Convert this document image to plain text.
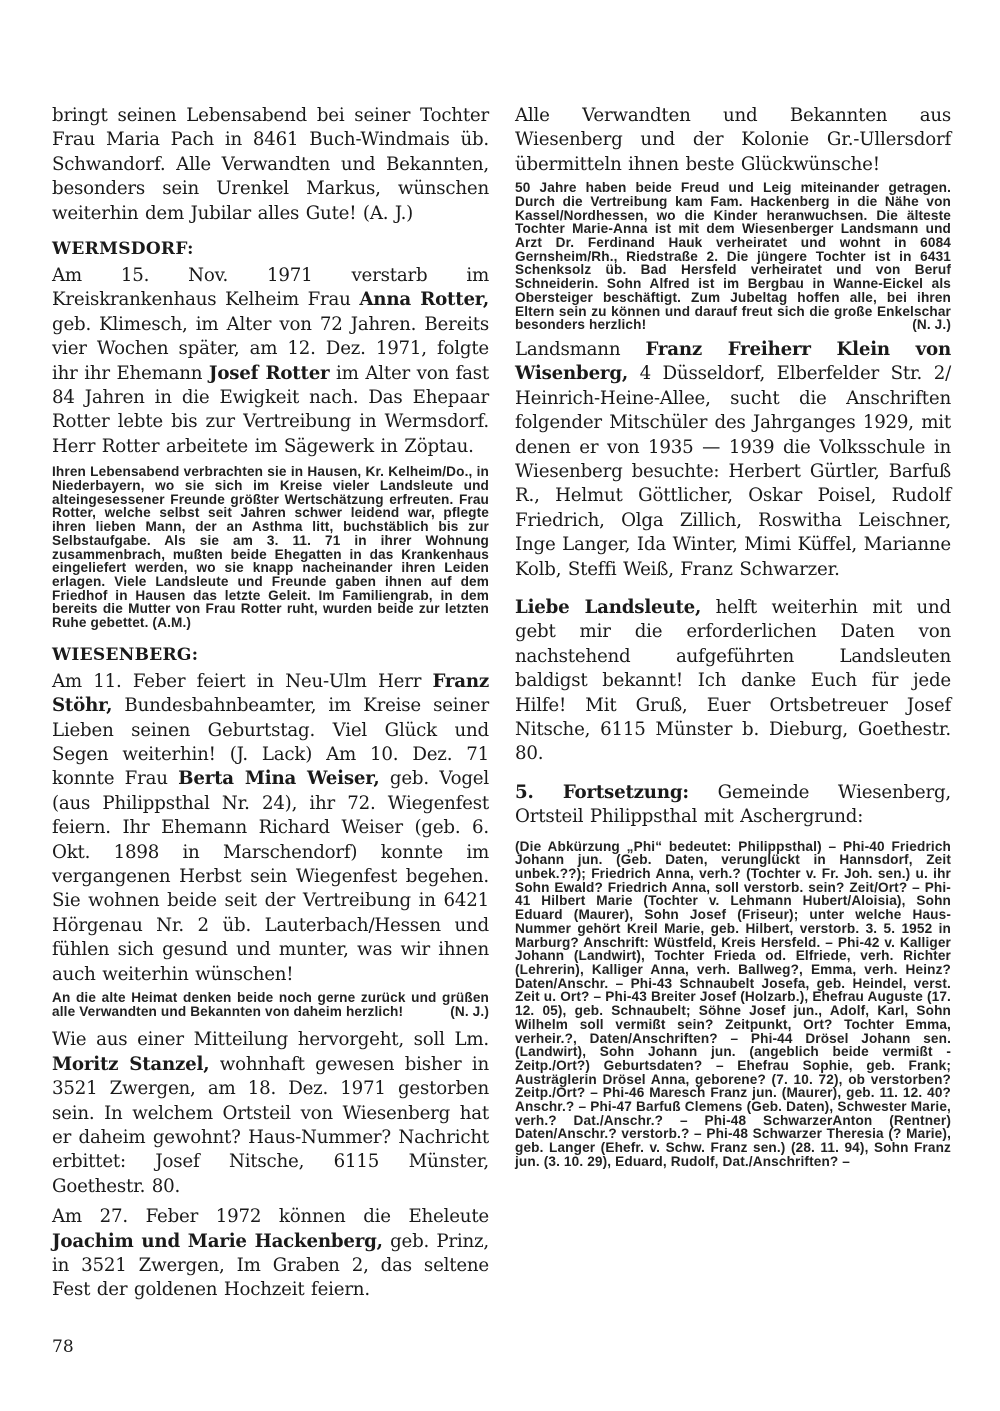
bringt seinen Lebensabend bei seiner Tochter Frau Maria Pach in 8461 Buch-Windmais üb. Schwandorf. Alle Verwandten und Bekannten, besonders sein Urenkel Markus, wünschen weiterhin dem Jubilar alles Gute! (A. J.)

WERMSDORF:

Am 15. Nov. 1971 verstarb im Kreiskrankenhaus Kelheim Frau Anna Rotter, geb. Klimesch, im Alter von 72 Jahren. Bereits vier Wochen später, am 12. Dez. 1971, folgte ihr ihr Ehemann Josef Rotter im Alter von fast 84 Jahren in die Ewigkeit nach. Das Ehepaar Rotter lebte bis zur Vertreibung in Wermsdorf. Herr Rotter arbeitete im Sägewerk in Zöptau.

Ihren Lebensabend verbrachten sie in Hausen, Kr. Kelheim/Do., in Niederbayern, wo sie sich im Kreise vieler Landsleute und alteingesessener Freunde größter Wertschätzung erfreuten. Frau Rotter, welche selbst seit Jahren schwer leidend war, pflegte ihren lieben Mann, der an Asthma litt, buchstäblich bis zur Selbstaufgabe. Als sie am 3. 11. 71 in ihrer Wohnung zusammenbrach, mußten beide Ehegatten in das Krankenhaus eingeliefert werden, wo sie knapp nacheinander ihren Leiden erlagen. Viele Landsleute und Freunde gaben ihnen auf dem Friedhof in Hausen das letzte Geleit. Im Familiengrab, in dem bereits die Mutter von Frau Rotter ruht, wurden beide zur letzten Ruhe gebettet. (A.M.)

WIESENBERG:

Am 11. Feber feiert in Neu-Ulm Herr Franz Stöhr, Bundesbahnbeamter, im Kreise seiner Lieben seinen Geburtstag. Viel Glück und Segen weiterhin! (J. Lack) Am 10. Dez. 71 konnte Frau Berta Mina Weiser, geb. Vogel (aus Philippsthal Nr. 24), ihr 72. Wiegenfest feiern. Ihr Ehemann Richard Weiser (geb. 6. Okt. 1898 in Marschendorf) konnte im vergangenen Herbst sein Wiegenfest begehen. Sie wohnen beide seit der Vertreibung in 6421 Hörgenau Nr. 2 üb. Lauterbach/Hessen und fühlen sich gesund und munter, was wir ihnen auch weiterhin wünschen!

An die alte Heimat denken beide noch gerne zurück und grüßen alle Verwandten und Bekannten von daheim herzlich!	(N. J.)

Wie aus einer Mitteilung hervorgeht, soll Lm. Moritz Stanzel, wohnhaft gewesen bisher in 3521 Zwergen, am 18. Dez. 1971 gestorben sein. In welchem Ortsteil von Wiesenberg hat er daheim gewohnt? Haus-Nummer? Nachricht erbittet: Josef Nitsche, 6115 Münster, Goethestr. 80.

Am 27. Feber 1972 können die Eheleute Joachim und Marie Hackenberg, geb. Prinz, in 3521 Zwergen, Im Graben 2, das seltene Fest der goldenen Hochzeit feiern.

Alle Verwandten und Bekannten aus Wiesenberg und der Kolonie Gr.-Ullersdorf übermitteln ihnen beste Glückwünsche!

50 Jahre haben beide Freud und Leig miteinander getragen. Durch die Vertreibung kam Fam. Hackenberg in die Nähe von Kassel/Nordhessen, wo die Kinder heranwuchsen. Die älteste Tochter Marie-Anna ist mit dem Wiesenberger Landsmann und Arzt Dr. Ferdinand Hauk verheiratet und wohnt in 6084 Gernsheim/Rh., Riedstraße 2. Die jüngere Tochter ist in 6431 Schenksolz üb. Bad Hersfeld verheiratet und von Beruf Schneiderin. Sohn Alfred ist im Bergbau in Wanne-Eickel als Obersteiger beschäftigt. Zum Jubeltag hoffen alle, bei ihren Eltern sein zu können und darauf freut sich die große Enkelschar besonders herzlich!	(N. J.)

Landsmann Franz Freiherr Klein von Wisenberg, 4 Düsseldorf, Elberfelder Str. 2/ Heinrich-Heine-Allee, sucht die Anschriften folgender Mitschüler des Jahrganges 1929, mit denen er von 1935 — 1939 die Volksschule in Wiesenberg besuchte: Herbert Gürtler, Barfuß R., Helmut Göttlicher, Oskar Poisel, Rudolf Friedrich, Olga Zillich, Roswitha Leischner, Inge Langer, Ida Winter, Mimi Küffel, Marianne Kolb, Steffi Weiß, Franz Schwarzer.

Liebe Landsleute, helft weiterhin mit und gebt mir die erforderlichen Daten von nachstehend aufgeführten Landsleuten baldigst bekannt! Ich danke Euch für jede Hilfe! Mit Gruß, Euer Ortsbetreuer Josef Nitsche, 6115 Münster b. Dieburg, Goethestr. 80.

5. Fortsetzung: Gemeinde Wiesenberg, Ortsteil Philippsthal mit Aschergrund:

(Die Abkürzung „Phi“ bedeutet: Philippsthal) – Phi-40 Friedrich Johann jun. (Geb. Daten, verunglückt in Hannsdorf, Zeit unbek.??); Friedrich Anna, verh.? (Tochter v. Fr. Joh. sen.) u. ihr Sohn Ewald? Friedrich Anna, soll verstorb. sein? Zeit/Ort? – Phi-41 Hilbert Marie (Tochter v. Lehmann Hubert/Aloisia), Sohn Eduard (Maurer), Sohn Josef (Friseur); unter welche Haus-Nummer gehört Kreil Marie, geb. Hilbert, verstorb. 3. 5. 1952 in Marburg? Anschrift: Wüstfeld, Kreis Hersfeld. – Phi-42 v. Kalliger Johann (Landwirt), Tochter Frieda od. Elfriede, verh. Richter (Lehrerin), Kalliger Anna, verh. Ballweg?, Emma, verh. Heinz? Daten/Anschr. – Phi-43 Schnaubelt Josefa, geb. Heindel, verst. Zeit u. Ort? – Phi-43 Breiter Josef (Holzarb.), Ehefrau Auguste (17. 12. 05), geb. Schnaubelt; Söhne Josef jun., Adolf, Karl, Sohn Wilhelm soll vermißt sein? Zeitpunkt, Ort? Tochter Emma, verheir.?, Daten/Anschriften? – Phi-44 Drösel Johann sen. (Landwirt), Sohn Johann jun. (angeblich beide vermißt - Zeitp./Ort?) Geburtsdaten? – Ehefrau Sophie, geb. Frank; Austräglerin Drösel Anna, geborene? (7. 10. 72), ob verstorben? Zeitp./Ort? – Phi-46 Maresch Franz jun. (Maurer), geb. 11. 12. 40? Anschr.? – Phi-47 Barfuß Clemens (Geb. Daten), Schwester Marie, verh.? Dat./Anschr.? – Phi-48 SchwarzerAnton (Rentner) Daten/Anschr.? verstorb.? – Phi-48 Schwarzer Theresia (? Marie), geb. Langer (Ehefr. v. Schw. Franz sen.) (28. 11. 94), Sohn Franz jun. (3. 10. 29), Eduard, Rudolf, Dat./Anschriften? –

78
